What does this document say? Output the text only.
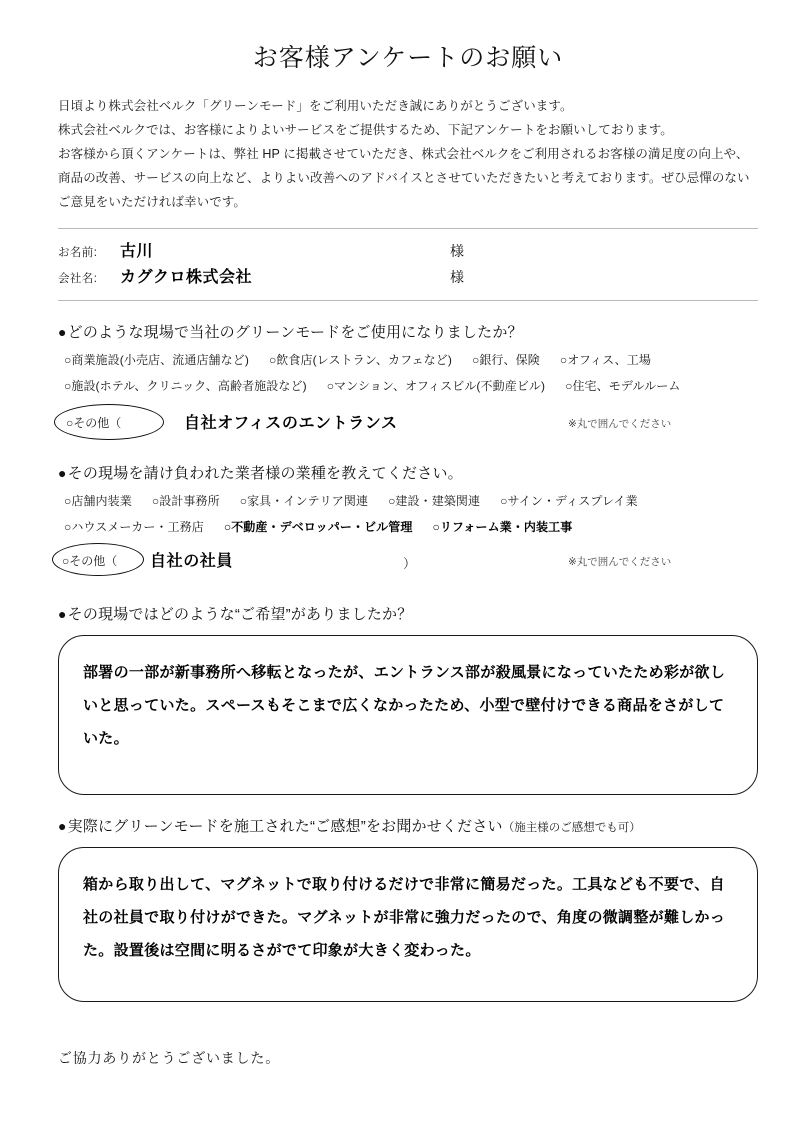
お客様アンケートのお願い

日頃より株式会社ベルク「グリーンモード」をご利用いただき誠にありがとうございます。

株式会社ベルクでは、お客様によりよいサービスをご提供するため、下記アンケートをお願いしております。

お客様から頂くアンケートは、弊社 HP に掲載させていただき、株式会社ベルクをご利用されるお客様の満足度の向上や、商品の改善、サービスの向上など、よりよい改善へのアドバイスとさせていただきたいと考えております。ぜひ忌憚のないご意見をいただければ幸いです。

お名前:	古川	様
会社名:	カグクロ株式会社	様
●どのような現場で当社のグリーンモードをご使用になりましたか？
○商業施設(小売店、流通店舗など) ○飲食店(レストラン、カフェなど) ○銀行、保険 ○オフィス、工場
○施設(ホテル、クリニック、高齢者施設など) ○マンション、オフィスビル(不動産ビル) ○住宅、モデルルーム
○その他（	自社オフィスのエントランス	※丸で囲んでください
●その現場を請け負われた業者様の業種を教えてください。
○店舗内装業 ○設計事務所 ○家具・インテリア関連 ○建設・建築関連 ○サイン・ディスプレイ業
○ハウスメーカー・工務店 ○不動産・デベロッパー・ビル管理 ○リフォーム業・内装工事
○その他（ 自社の社員	）	※丸で囲んでください
●その現場ではどのような“ご希望”がありましたか？

部署の一部が新事務所へ移転となったが、エントランス部が殺風景になっていたため彩が欲しいと思っていた。スペースもそこまで広くなかったため、小型で壁付けできる商品をさがしていた。

●実際にグリーンモードを施工された“ご感想”をお聞かせください（施主様のご感想でも可）

箱から取り出して、マグネットで取り付けるだけで非常に簡易だった。工具なども不要で、自社の社員で取り付けができた。マグネットが非常に強力だったので、角度の微調整が難しかった。設置後は空間に明るさがでて印象が大きく変わった。

ご協力ありがとうございました。
